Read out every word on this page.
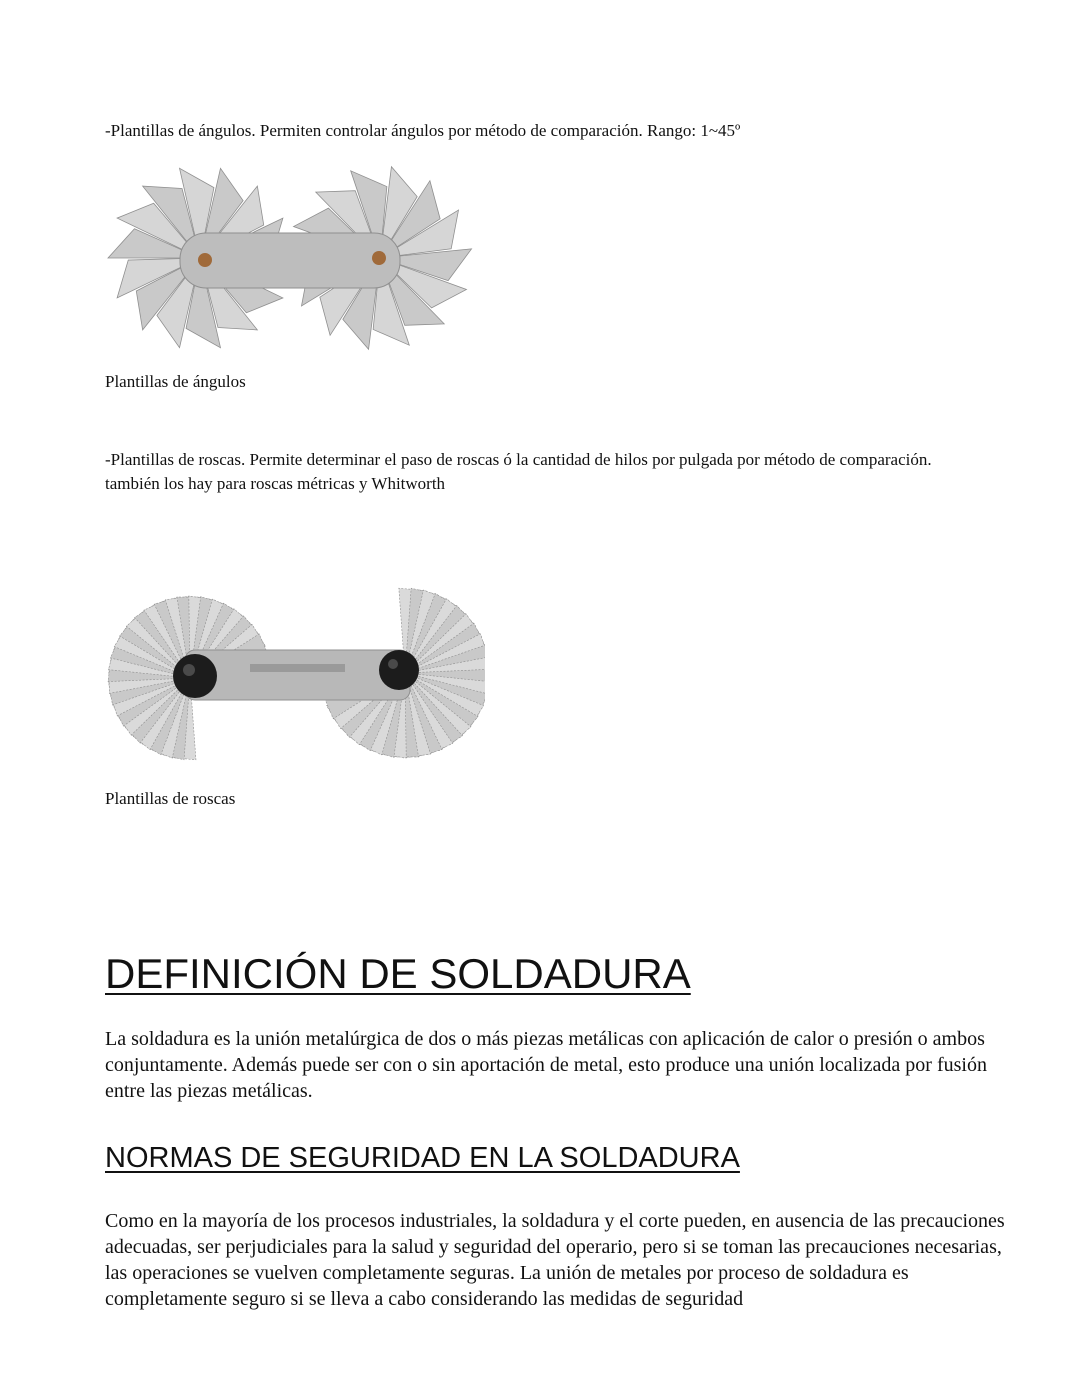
-Plantillas de ángulos. Permiten controlar ángulos por método de comparación. Rango: 1~45º

Plantillas de ángulos

-Plantillas de roscas. Permite determinar el paso de roscas ó la cantidad de hilos por pulgada por método de comparación. también los hay para roscas métricas y Whitworth

Plantillas de roscas

DEFINICIÓN DE SOLDADURA

La soldadura es la unión metalúrgica de dos o más piezas metálicas con aplicación de calor o presión o ambos conjuntamente. Además puede ser con o sin aportación de metal, esto produce una unión localizada por fusión entre las piezas metálicas.

NORMAS DE SEGURIDAD EN LA SOLDADURA

Como en la mayoría de los procesos industriales, la soldadura y el corte pueden, en ausencia de las precauciones adecuadas, ser perjudiciales para la salud y seguridad del operario, pero si se toman las precauciones necesarias, las operaciones se vuelven completamente seguras. La unión de metales por proceso de soldadura es completamente seguro si se lleva a cabo considerando las medidas de seguridad
